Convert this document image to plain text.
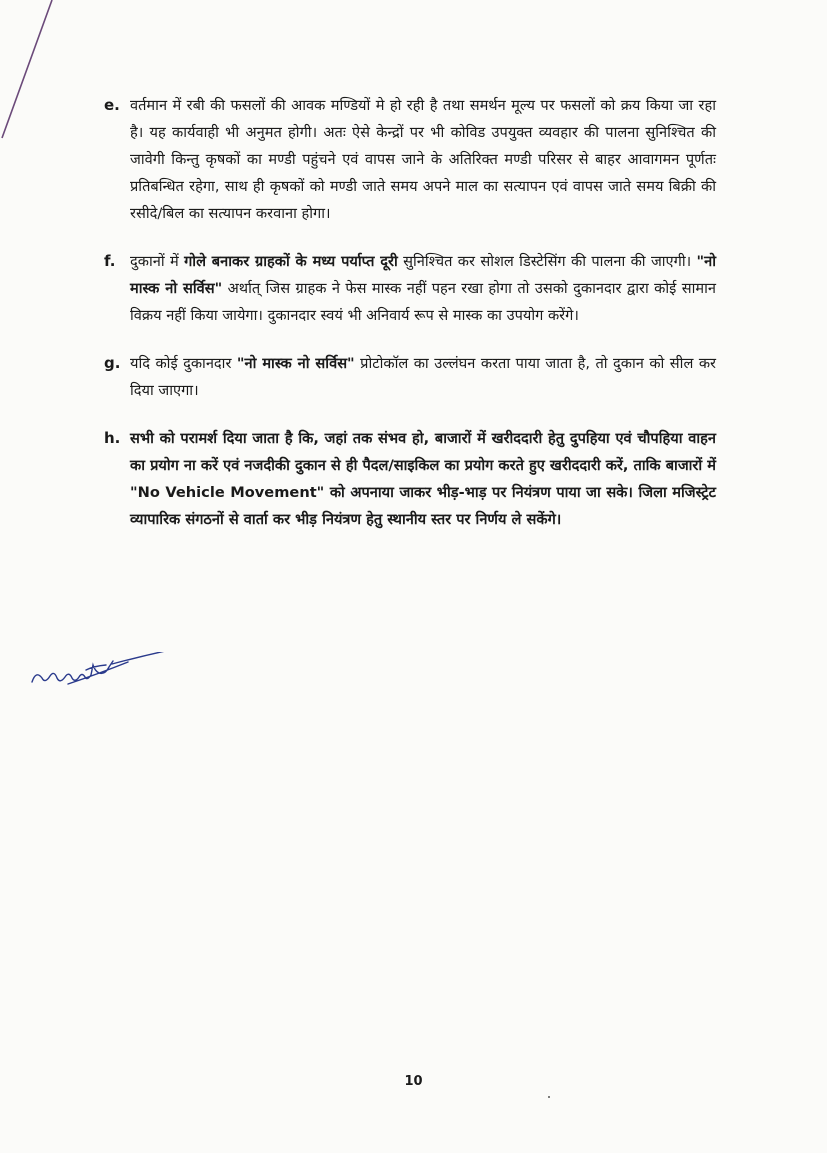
e. वर्तमान में रबी की फसलों की आवक मण्डियों मे हो रही है तथा समर्थन मूल्य पर फसलों को क्रय किया जा रहा है। यह कार्यवाही भी अनुमत होगी। अतः ऐसे केन्द्रों पर भी कोविड उपयुक्त व्यवहार की पालना सुनिश्चित की जावेगी किन्तु कृषकों का मण्डी पहुंचने एवं वापस जाने के अतिरिक्त मण्डी परिसर से बाहर आवागमन पूर्णतः प्रतिबन्धित रहेगा, साथ ही कृषकों को मण्डी जाते समय अपने माल का सत्यापन एवं वापस जाते समय बिक्री की रसीदे/बिल का सत्यापन करवाना होगा।
f. दुकानों में गोले बनाकर ग्राहकों के मध्य पर्याप्त दूरी सुनिश्चित कर सोशल डिस्टेसिंग की पालना की जाएगी। "नो मास्क नो सर्विस" अर्थात् जिस ग्राहक ने फेस मास्क नहीं पहन रखा होगा तो उसको दुकानदार द्वारा कोई सामान विक्रय नहीं किया जायेगा। दुकानदार स्वयं भी अनिवार्य रूप से मास्क का उपयोग करेंगे।
g. यदि कोई दुकानदार "नो मास्क नो सर्विस" प्रोटोकॉल का उल्लंघन करता पाया जाता है, तो दुकान को सील कर दिया जाएगा।
h. सभी को परामर्श दिया जाता है कि, जहां तक संभव हो, बाजारों में खरीददारी हेतु दुपहिया एवं चौपहिया वाहन का प्रयोग ना करें एवं नजदीकी दुकान से ही पैदल/साइकिल का प्रयोग करते हुए खरीददारी करें, ताकि बाजारों में "No Vehicle Movement" को अपनाया जाकर भीड़-भाड़ पर नियंत्रण पाया जा सके। जिला मजिस्ट्रेट व्यापारिक संगठनों से वार्ता कर भीड़ नियंत्रण हेतु स्थानीय स्तर पर निर्णय ले सकेंगे।
10
